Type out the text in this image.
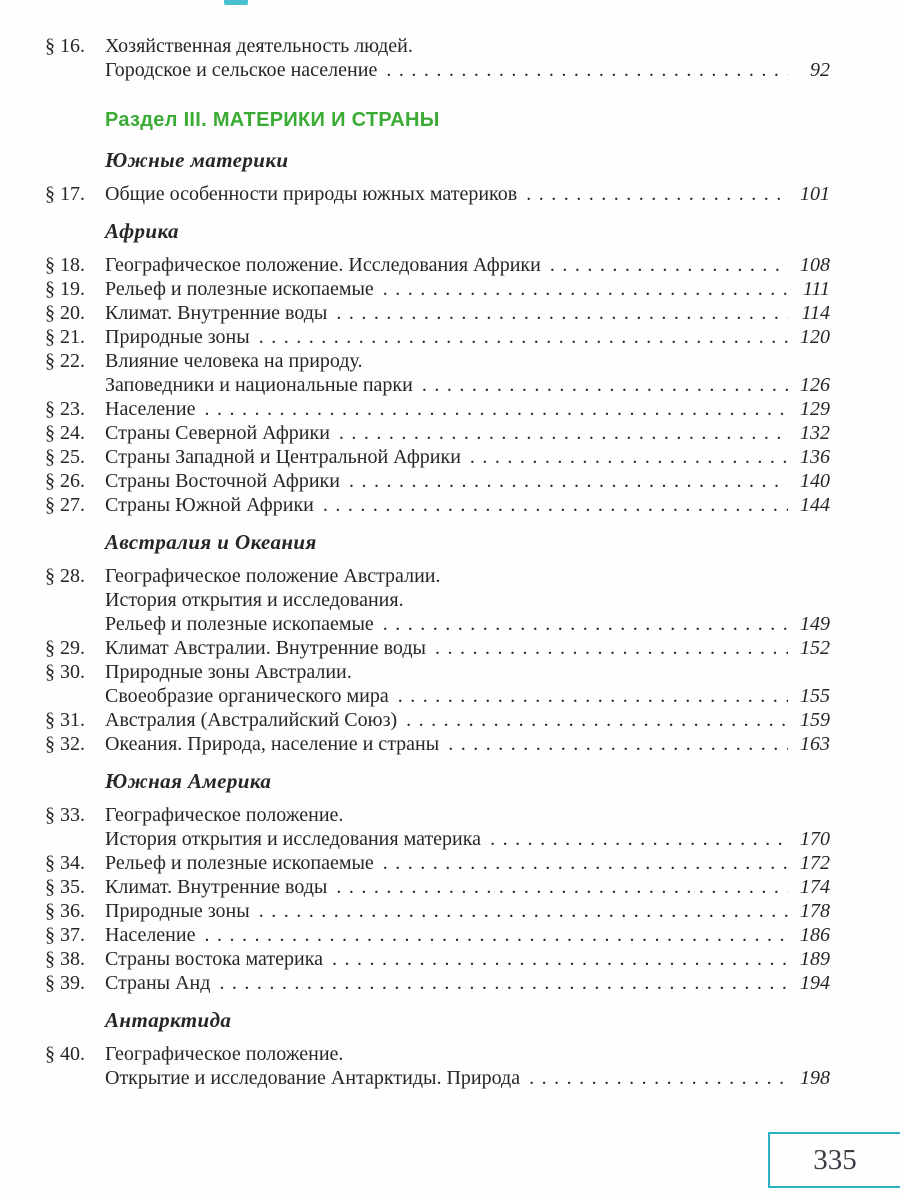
§ 16.	Хозяйственная деятельность людей.
Городское и сельское население .....	92
Раздел III. МАТЕРИКИ И СТРАНЫ
Южные материки
§ 17.	Общие особенности природы южных материков .....	101
Африка
§ 18.	Географическое положение. Исследования Африки .....	108
§ 19.	Рельеф и полезные ископаемые .....	111
§ 20.	Климат. Внутренние воды .....	114
§ 21.	Природные зоны .....	120
§ 22.	Влияние человека на природу.
Заповедники и национальные парки .....	126
§ 23.	Население .....	129
§ 24.	Страны Северной Африки .....	132
§ 25.	Страны Западной и Центральной Африки .....	136
§ 26.	Страны Восточной Африки .....	140
§ 27.	Страны Южной Африки .....	144
Австралия и Океания
§ 28.	Географическое положение Австралии.
История открытия и исследования.
Рельеф и полезные ископаемые .....	149
§ 29.	Климат Австралии. Внутренние воды .....	152
§ 30.	Природные зоны Австралии.
Своеобразие органического мира .....	155
§ 31.	Австралия (Австралийский Союз) .....	159
§ 32.	Океания. Природа, население и страны .....	163
Южная Америка
§ 33.	Географическое положение.
История открытия и исследования материка .....	170
§ 34.	Рельеф и полезные ископаемые .....	172
§ 35.	Климат. Внутренние воды .....	174
§ 36.	Природные зоны .....	178
§ 37.	Население .....	186
§ 38.	Страны востока материка .....	189
§ 39.	Страны Анд .....	194
Антарктида
§ 40.	Географическое положение.
Открытие и исследование Антарктиды. Природа .....	198
335
